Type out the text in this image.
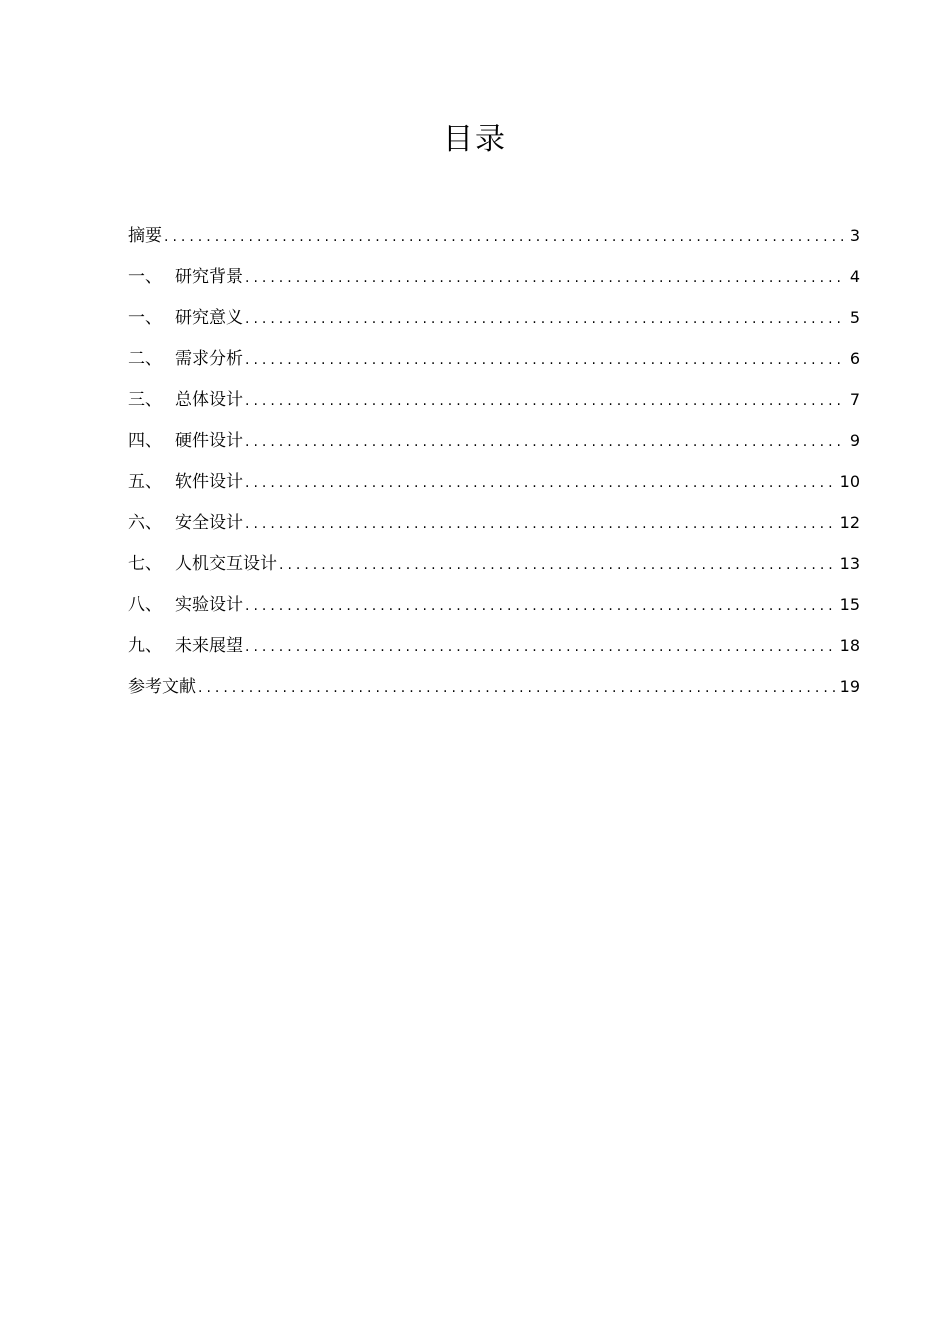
目录
摘要 .....	3
一、 研究背景 .....	4
一、 研究意义 .....	5
二、 需求分析 .....	6
三、 总体设计 .....	7
四、 硬件设计 .....	9
五、 软件设计 .....	10
六、 安全设计 .....	12
七、 人机交互设计 .....	13
八、 实验设计 .....	15
九、 未来展望 .....	18
参考文献 .....	19
